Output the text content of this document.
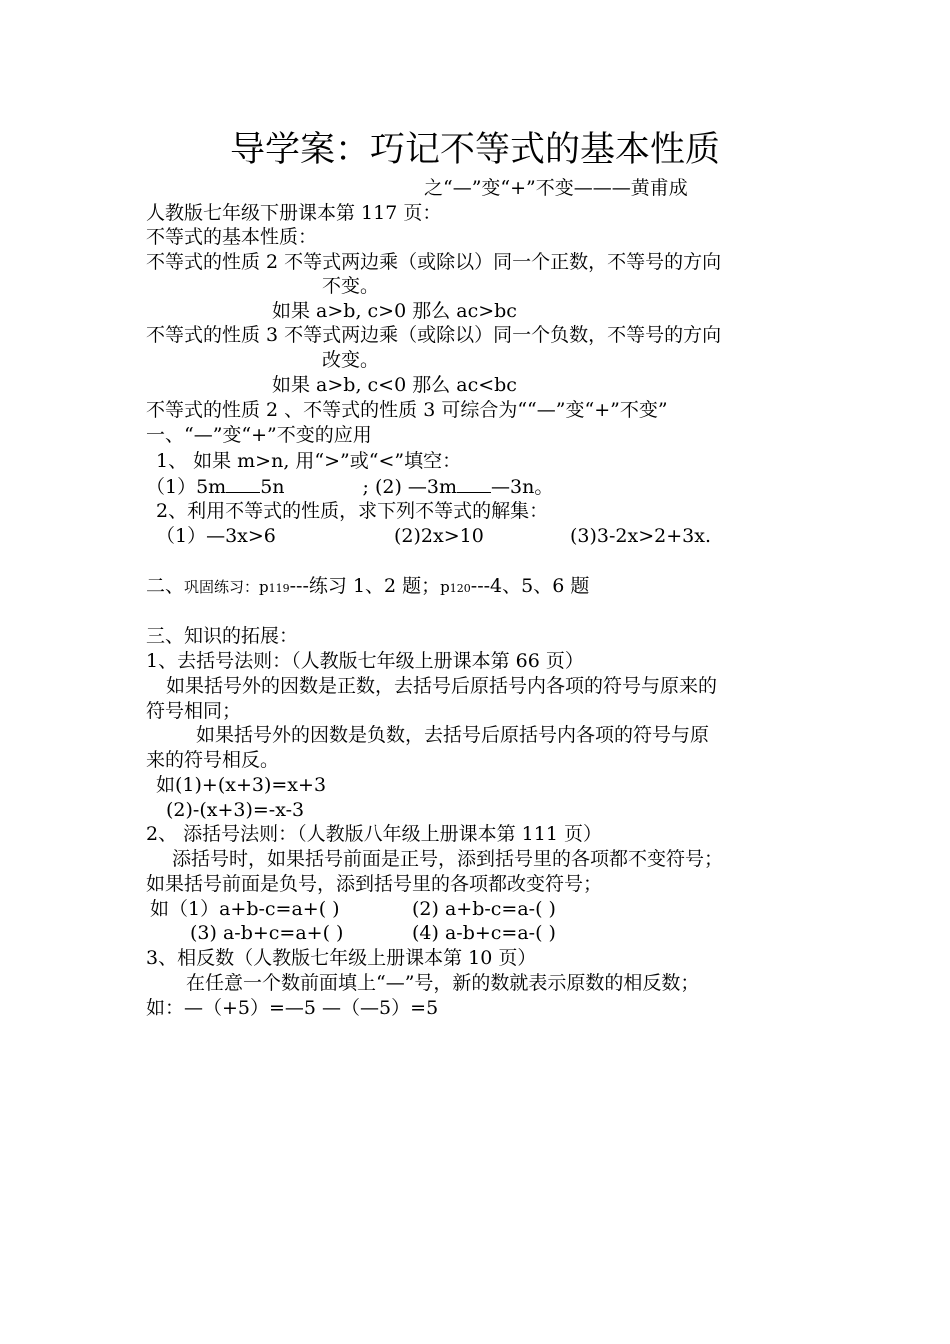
导学案：巧记不等式的基本性质
之“—”变“+”不变———黄甫成
人教版七年级下册课本第 117 页：
不等式的基本性质：
不等式的性质 2 不等式两边乘（或除以）同一个正数，不等号的方向
不变。
如果 a>b, c>0 那么 ac>bc
不等式的性质 3 不等式两边乘（或除以）同一个负数，不等号的方向
改变。
如果 a>b, c<0 那么 ac<bc
不等式的性质 2 、不等式的性质 3 可综合为““—”变“+”不变”
一、“—”变“+”不变的应用
1、 如果 m>n, 用“>”或“<”填空：
（1）5m 5n	; (2) —3m —3n。
2、利用不等式的性质，求下列不等式的解集：
（1）—3x>6	(2)2x>10	(3)3-2x>2+3x.
二、巩固练习：p119---练习 1、2 题；p120---4、5、6 题
三、知识的拓展：
1、去括号法则：（人教版七年级上册课本第 66 页）
如果括号外的因数是正数，去括号后原括号内各项的符号与原来的
符号相同；
如果括号外的因数是负数，去括号后原括号内各项的符号与原
来的符号相反。
如(1)+(x+3)=x+3
(2)-(x+3)=-x-3
2、 添括号法则：（人教版八年级上册课本第 111 页）
添括号时，如果括号前面是正号，添到括号里的各项都不变符号；
如果括号前面是负号，添到括号里的各项都改变符号；
如（1）a+b-c=a+( )	(2) a+b-c=a-( )
(3) a-b+c=a+( )	(4) a-b+c=a-( )
3、相反数（人教版七年级上册课本第 10 页）
在任意一个数前面填上“—”号，新的数就表示原数的相反数；
如：—（+5）=—5 —（—5）=5
